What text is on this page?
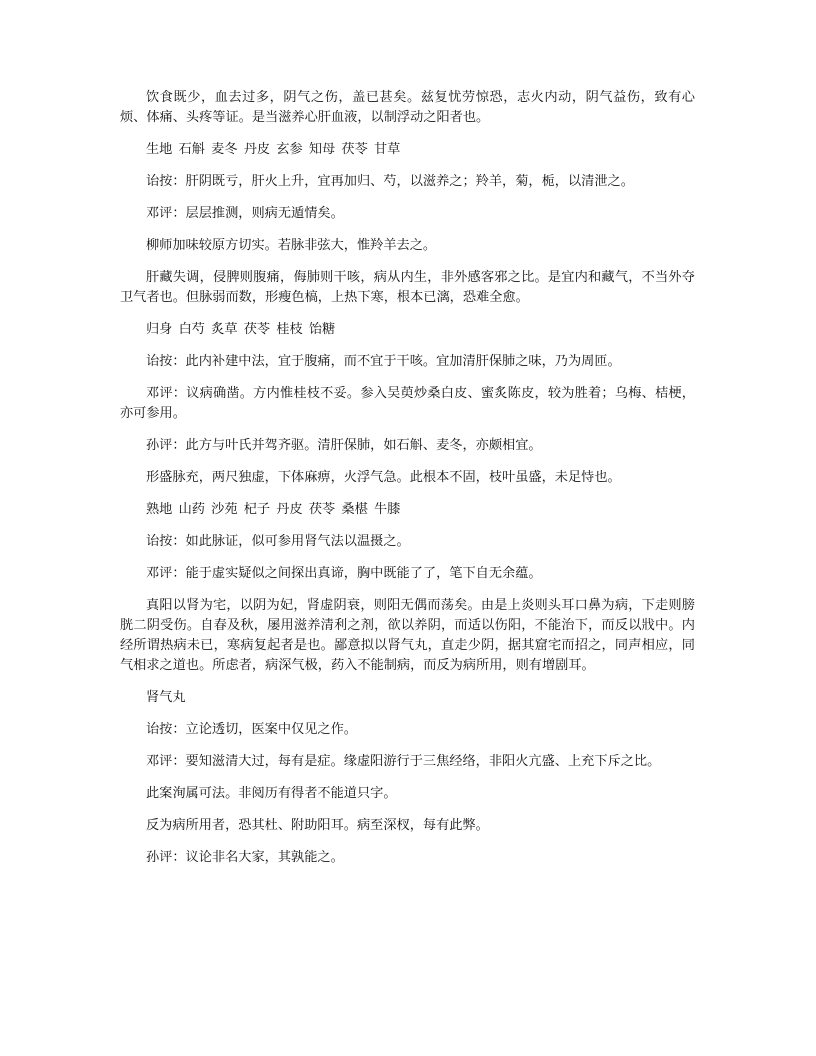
饮食既少，血去过多，阴气之伤，盖已甚矣。兹复忧劳惊恐，志火内动，阴气益伤，致有心烦、体痛、头疼等证。是当滋养心肝血液，以制浮动之阳者也。

生地 石斛 麦冬 丹皮 玄参 知母 茯苓 甘草

诒按：肝阴既亏，肝火上升，宜再加归、芍，以滋养之；羚羊，菊，栀，以清泄之。

邓评：层层推测，则病无遁情矣。

柳师加味较原方切实。若脉非弦大，惟羚羊去之。

肝藏失调，侵脾则腹痛，侮肺则干咳，病从内生，非外感客邪之比。是宜内和藏气，不当外夺卫气者也。但脉弱而数，形瘦色槁，上热下寒，根本已漓，恐难全愈。

归身 白芍 炙草 茯苓 桂枝 饴糖

诒按：此内补建中法，宜于腹痛，而不宜于干咳。宜加清肝保肺之味，乃为周匝。

邓评：议病确凿。方内惟桂枝不妥。参入吴萸炒桑白皮、蜜炙陈皮，较为胜着；乌梅、桔梗，亦可参用。

孙评：此方与叶氏并驾齐驱。清肝保肺，如石斛、麦冬，亦颇相宜。

形盛脉充，两尺独虚，下体麻痹，火浮气急。此根本不固，枝叶虽盛，未足恃也。

熟地 山药 沙苑 杞子 丹皮 茯苓 桑椹 牛膝

诒按：如此脉证，似可参用肾气法以温摄之。

邓评：能于虚实疑似之间探出真谛，胸中既能了了，笔下自无余蕴。

真阳以肾为宅，以阴为妃，肾虚阴衰，则阳无偶而荡矣。由是上炎则头耳口鼻为病，下走则膀胱二阴受伤。自春及秋，屡用滋养清利之剂，欲以养阴，而适以伤阳，不能治下，而反以戕中。内经所谓热病未已，寒病复起者是也。鄙意拟以肾气丸，直走少阴，据其窟宅而招之，同声相应，同气相求之道也。所虑者，病深气极，药入不能制病，而反为病所用，则有增剧耳。

肾气丸

诒按：立论透切，医案中仅见之作。

邓评：要知滋清大过，每有是症。缘虚阳游行于三焦经络，非阳火亢盛、上充下斥之比。

此案洵属可法。非阅历有得者不能道只字。

反为病所用者，恐其杜、附助阳耳。病至深杈，每有此弊。

孙评：议论非名大家，其孰能之。
